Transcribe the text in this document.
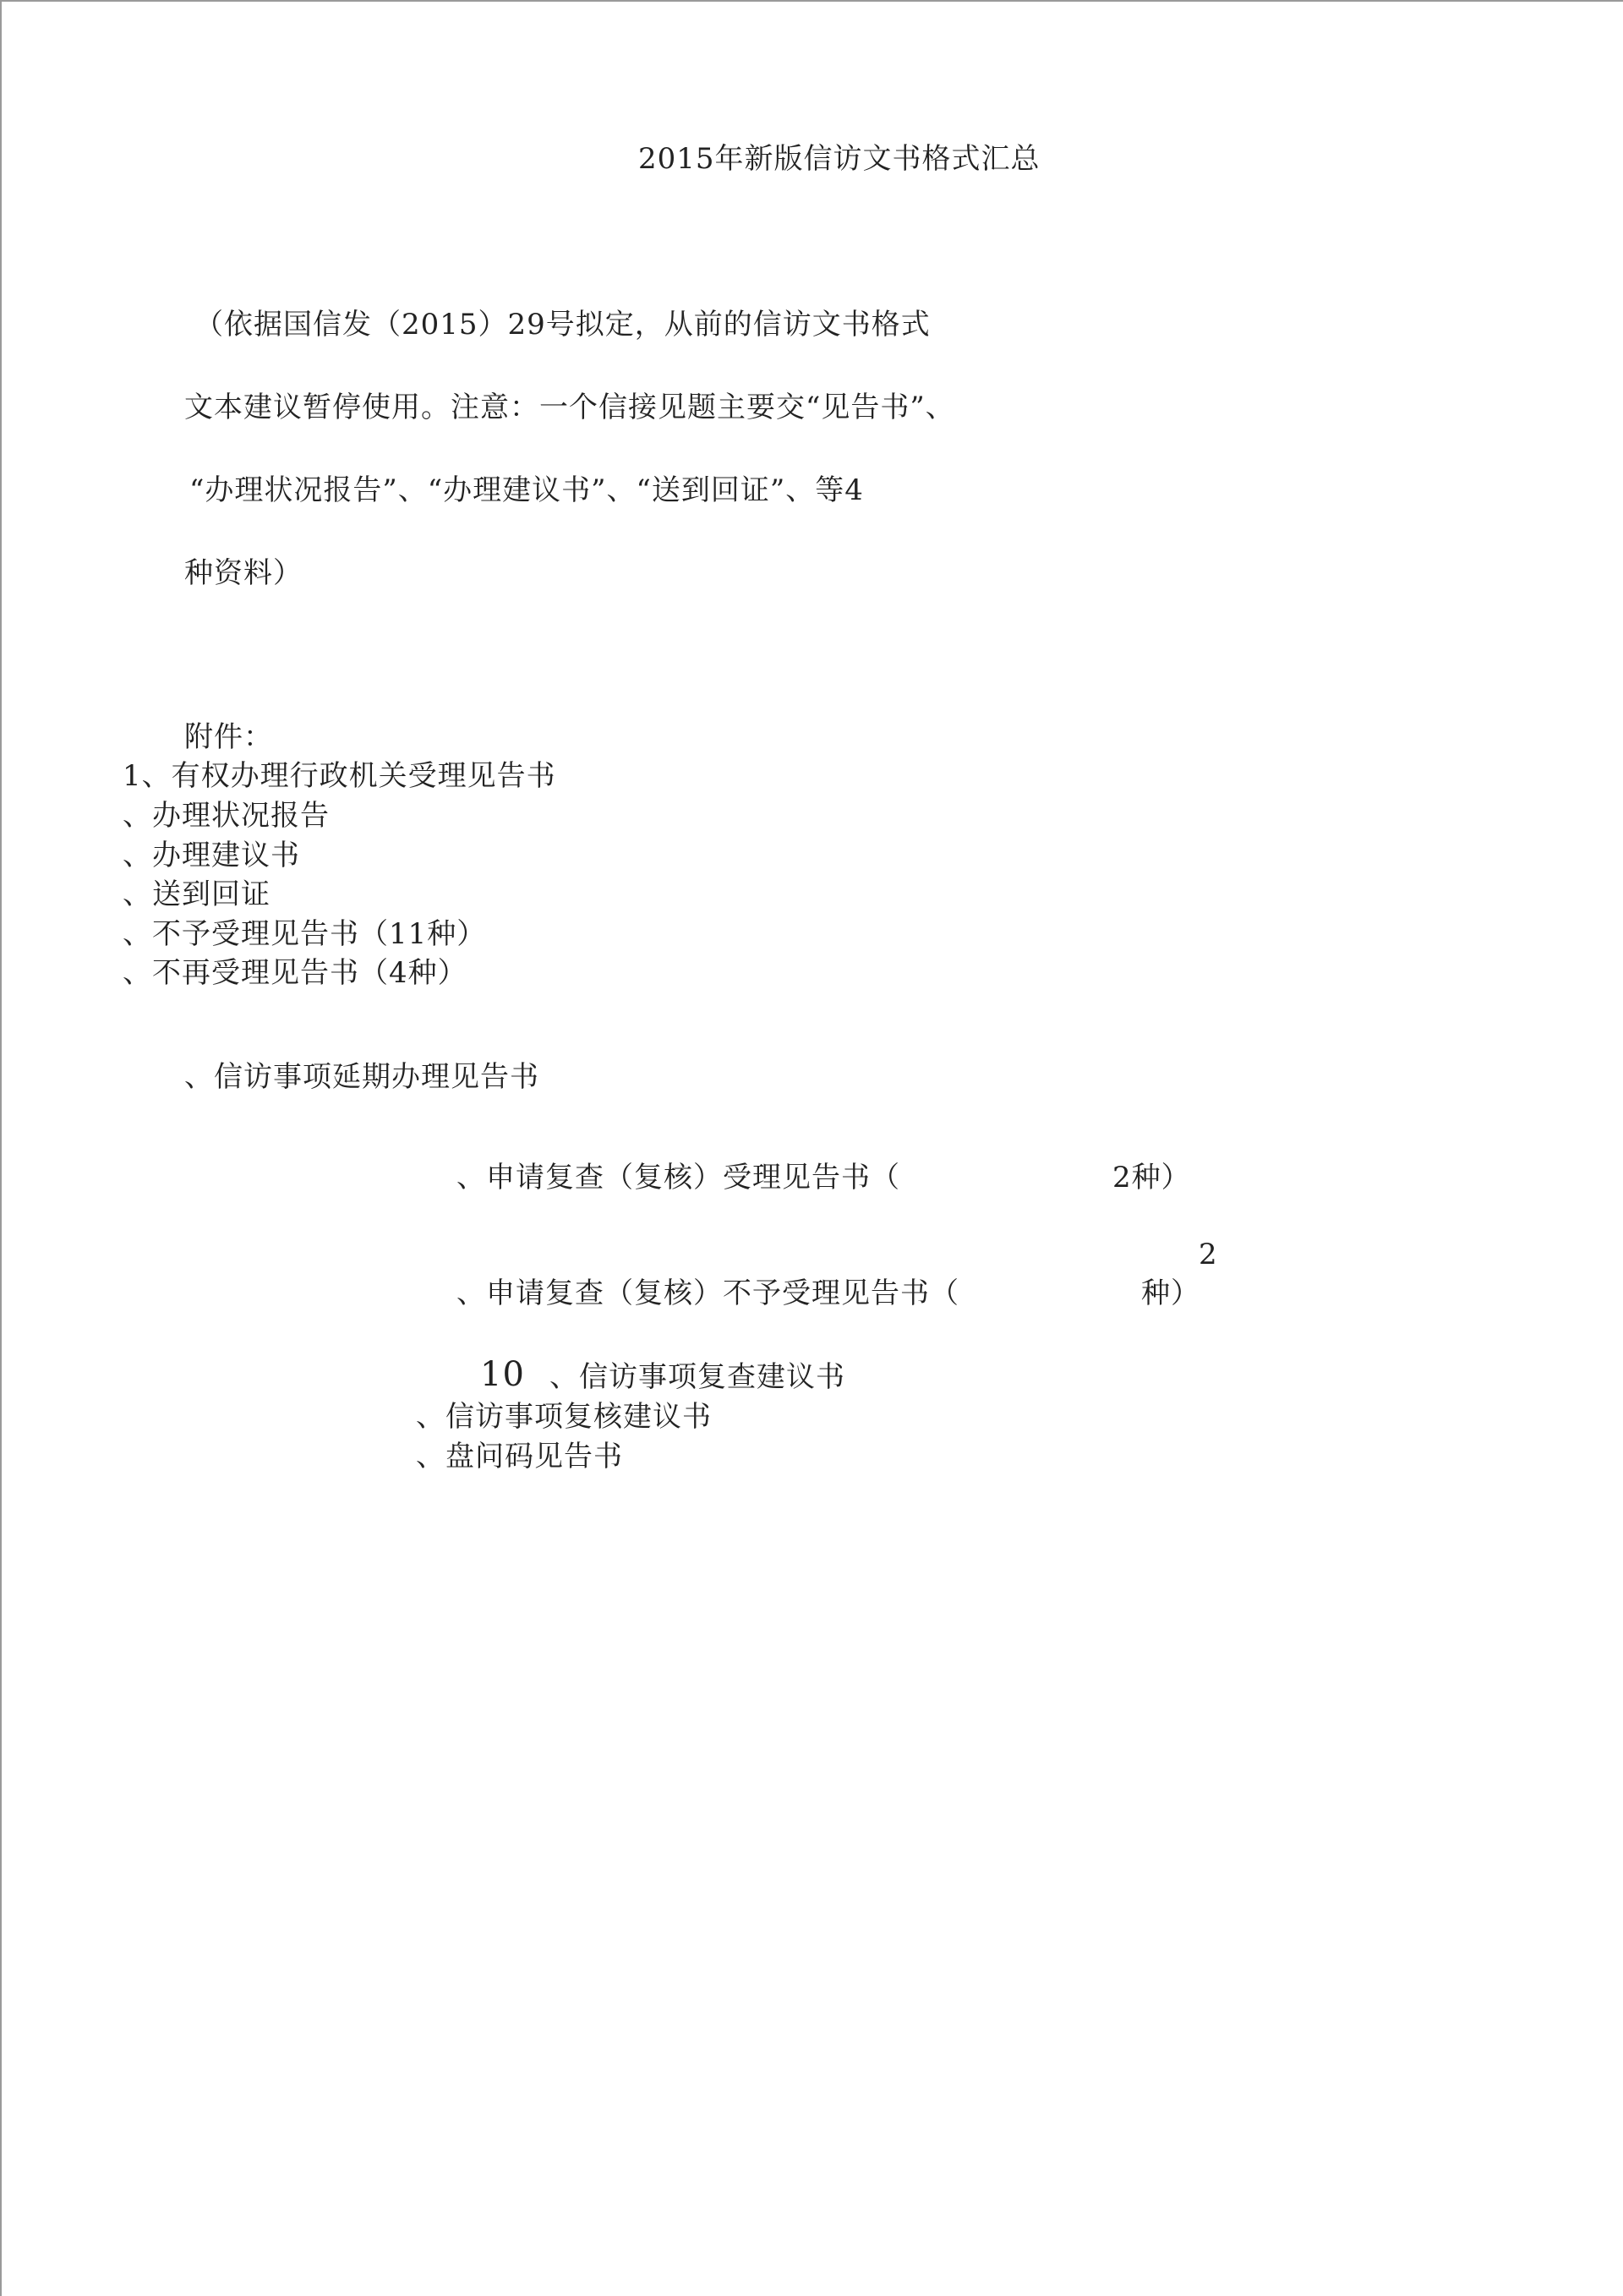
2015年新版信访文书格式汇总
（依据国信发（2015）29号拟定，从前的信访文书格式
文本建议暂停使用。注意：一个信接见题主要交“见告书”、
“办理状况报告”、“办理建议书”、“送到回证”、等4
种资料）
附件：
1、有权办理行政机关受理见告书
、办理状况报告
、办理建议书
、送到回证
、不予受理见告书（11种）
、不再受理见告书（4种）
、信访事项延期办理见告书
、申请复查（复核）受理见告书（	2种）
2
、申请复查（复核）不予受理见告书（	种）
10 、信访事项复查建议书
、信访事项复核建议书
、盘问码见告书
